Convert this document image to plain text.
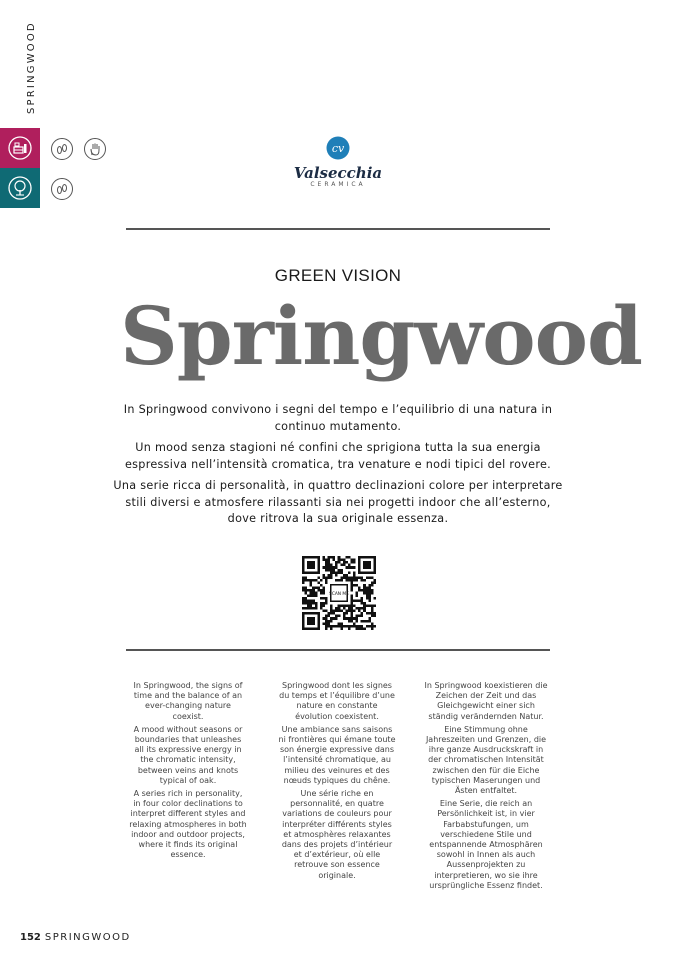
SPRINGWOOD
cv
Valsecchia
CERAMICA
GREEN VISION
Springwood

In Springwood convivono i segni del tempo e l’equilibrio di una natura in continuo mutamento.

Un mood senza stagioni né confini che sprigiona tutta la sua energia espressiva nell’intensità cromatica, tra venature e nodi tipici del rovere.

Una serie ricca di personalità, in quattro declinazioni colore per interpretare stili diversi e atmosfere rilassanti sia nei progetti indoor che all’esterno, dove ritrova la sua originale essenza.

SCAN ME

In Springwood, the signs of time and the balance of an ever-changing nature coexist.

A mood without seasons or boundaries that unleashes all its expressive energy in the chromatic intensity, between veins and knots typical of oak.

A series rich in personality, in four color declinations to interpret different styles and relaxing atmospheres in both indoor and outdoor projects, where it finds its original essence.

Springwood dont les signes du temps et l’équilibre d’une nature en constante évolution coexistent.

Une ambiance sans saisons ni frontières qui émane toute son énergie expressive dans l’intensité chromatique, au milieu des veinures et des nœuds typiques du chêne.

Une série riche en personnalité, en quatre variations de couleurs pour interpréter différents styles et atmosphères relaxantes dans des projets d’intérieur et d’extérieur, où elle retrouve son essence originale.

In Springwood koexistieren die Zeichen der Zeit und das Gleichgewicht einer sich ständig verändernden Natur.

Eine Stimmung ohne Jahreszeiten und Grenzen, die ihre ganze Ausdruckskraft in der chromatischen Intensität zwischen den für die Eiche typischen Maserungen und Ästen entfaltet.

Eine Serie, die reich an Persönlichkeit ist, in vier Farbabstufungen, um verschiedene Stile und entspannende Atmosphären sowohl in Innen als auch Aussenprojekten zu interpretieren, wo sie ihre ursprüngliche Essenz findet.

152 SPRINGWOOD
